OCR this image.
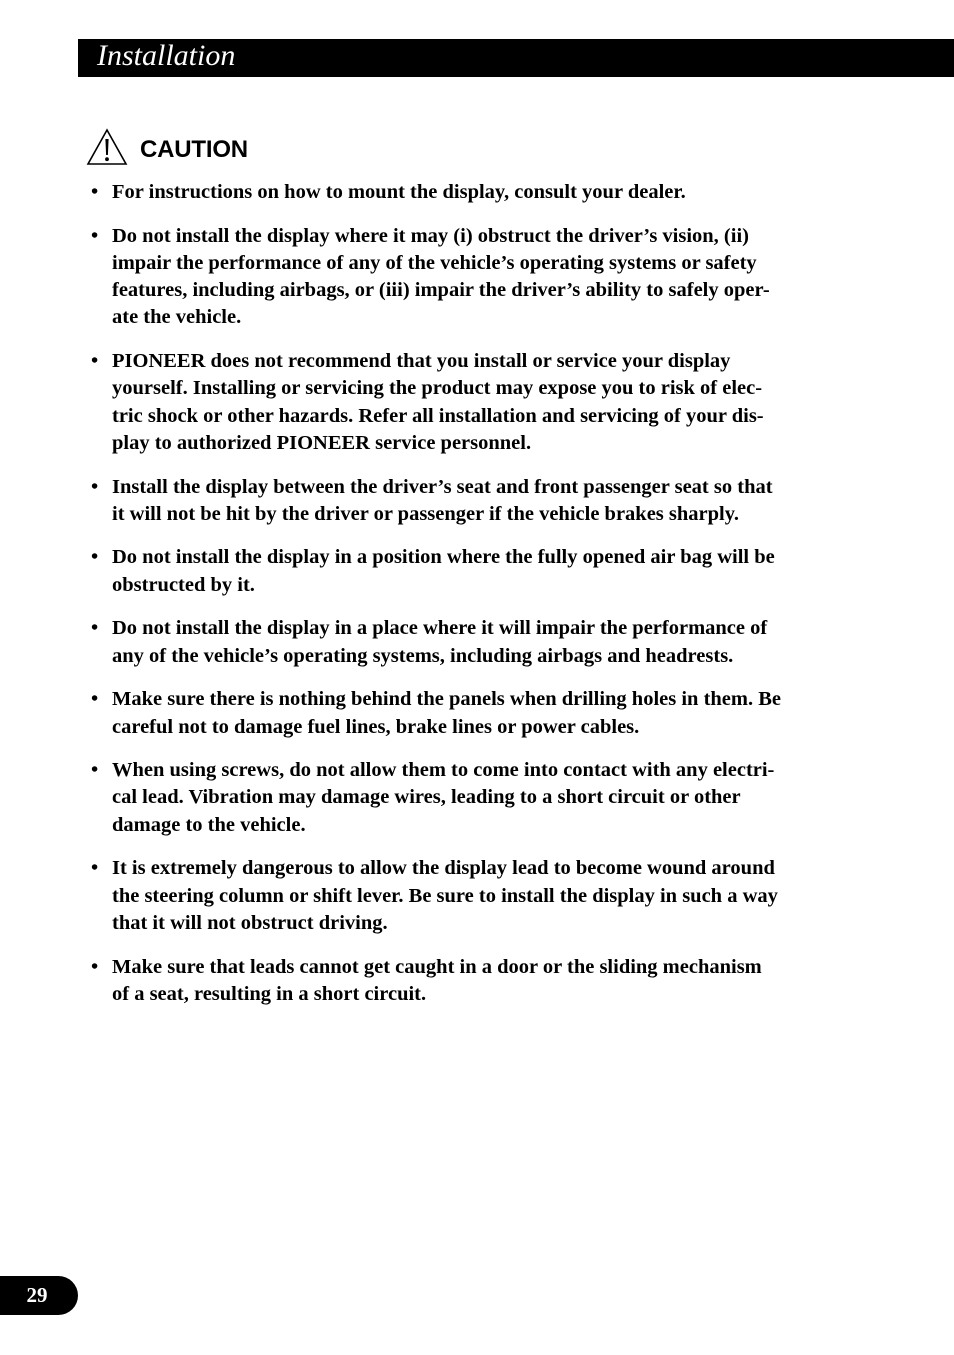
Installation
CAUTION
• For instructions on how to mount the display, consult your dealer.
• Do not install the display where it may (i) obstruct the driver’s vision, (ii)
impair the performance of any of the vehicle’s operating systems or safety
features, including airbags, or (iii) impair the driver’s ability to safely oper-
ate the vehicle.
• PIONEER does not recommend that you install or service your display
yourself. Installing or servicing the product may expose you to risk of elec-
tric shock or other hazards. Refer all installation and servicing of your dis-
play to authorized PIONEER service personnel.
• Install the display between the driver’s seat and front passenger seat so that
it will not be hit by the driver or passenger if the vehicle brakes sharply.
• Do not install the display in a position where the fully opened air bag will be
obstructed by it.
• Do not install the display in a place where it will impair the performance of
any of the vehicle’s operating systems, including airbags and headrests.
• Make sure there is nothing behind the panels when drilling holes in them. Be
careful not to damage fuel lines, brake lines or power cables.
• When using screws, do not allow them to come into contact with any electri-
cal lead. Vibration may damage wires, leading to a short circuit or other
damage to the vehicle.
• It is extremely dangerous to allow the display lead to become wound around
the steering column or shift lever. Be sure to install the display in such a way
that it will not obstruct driving.
• Make sure that leads cannot get caught in a door or the sliding mechanism
of a seat, resulting in a short circuit.
29
